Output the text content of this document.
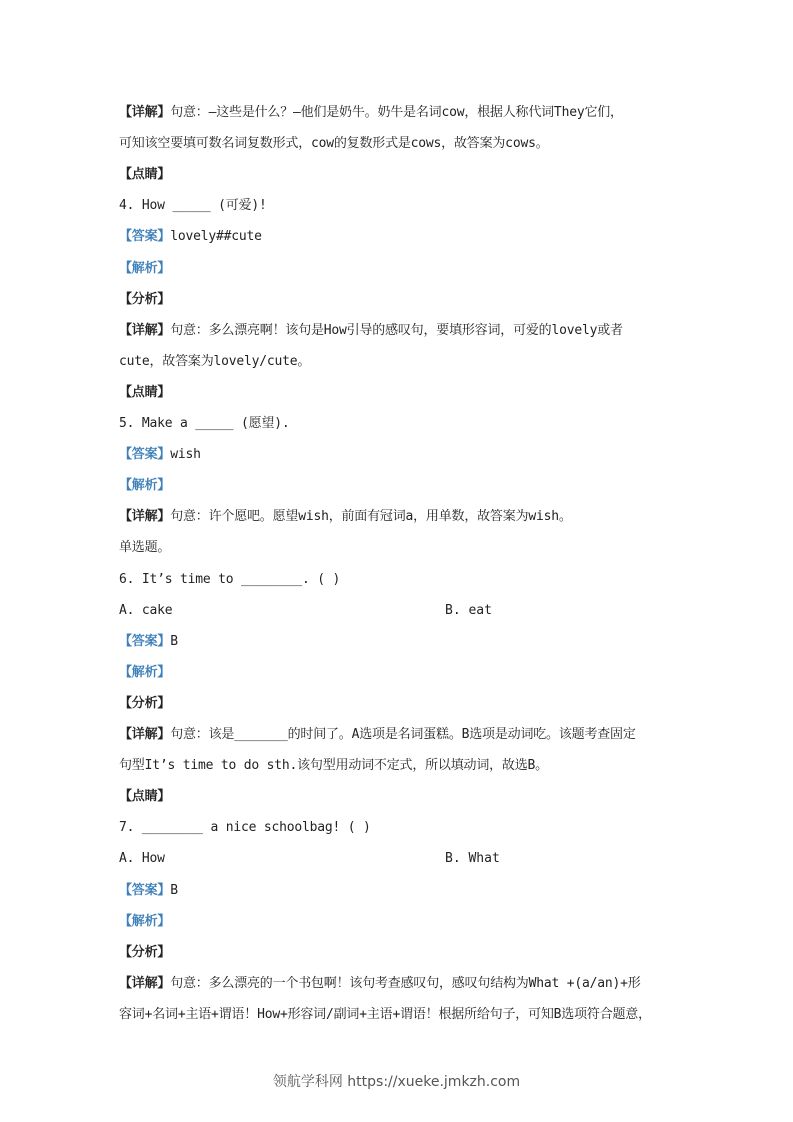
【详解】句意：—这些是什么？—他们是奶牛。奶牛是名词cow，根据人称代词They它们，
可知该空要填可数名词复数形式，cow的复数形式是cows，故答案为cows。
【点睛】
4. How _____ (可爱)!
【答案】lovely##cute
【解析】
【分析】
【详解】句意：多么漂亮啊！该句是How引导的感叹句，要填形容词，可爱的lovely或者
cute，故答案为lovely/cute。
【点睛】
5. Make a _____ (愿望).
【答案】wish
【解析】
【详解】句意：许个愿吧。愿望wish，前面有冠词a，用单数，故答案为wish。
单选题。
6. It’s time to ________. ( )
A. cake	B. eat
【答案】B
【解析】
【分析】
【详解】句意：该是_______的时间了。A选项是名词蛋糕。B选项是动词吃。该题考查固定
句型It’s time to do sth.该句型用动词不定式，所以填动词，故选B。
【点睛】
7. ________ a nice schoolbag! ( )
A. How	B. What
【答案】B
【解析】
【分析】
【详解】句意：多么漂亮的一个书包啊！该句考查感叹句，感叹句结构为What +(a/an)+形
容词+名词+主语+谓语！How+形容词/副词+主语+谓语！根据所给句子，可知B选项符合题意，
领航学科网 https://xueke.jmkzh.com
